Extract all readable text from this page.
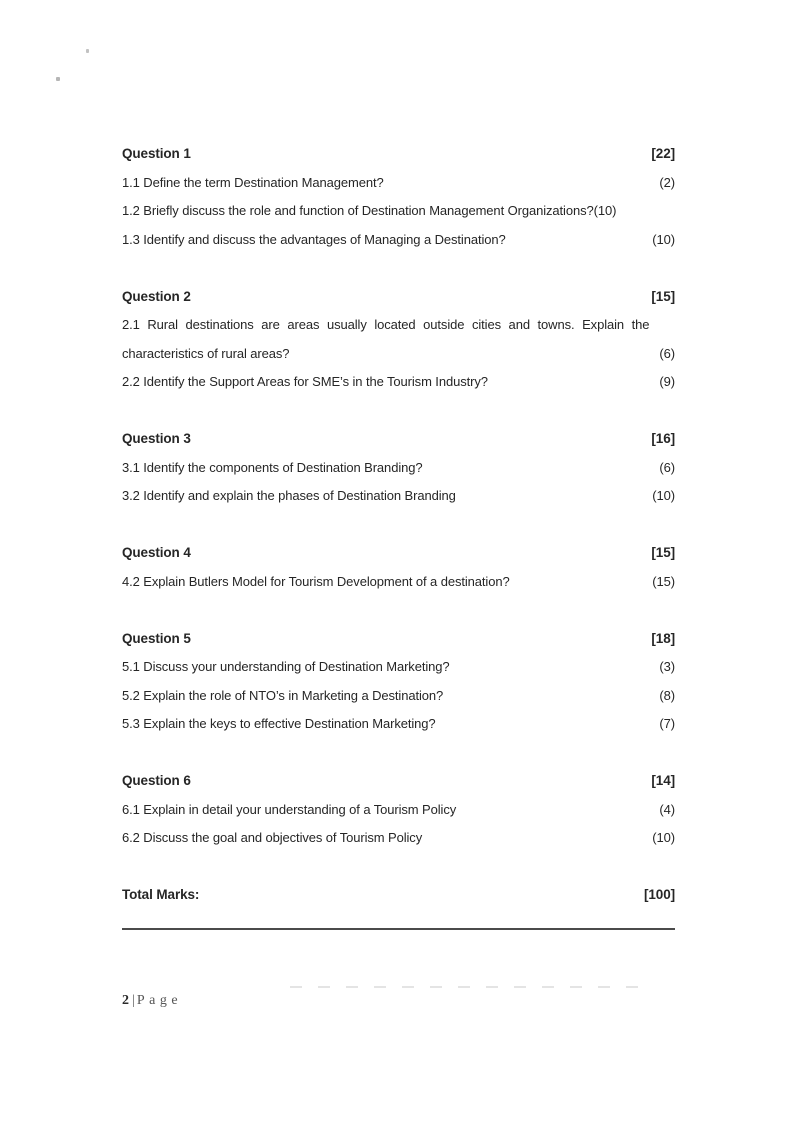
Question 1	[22]
1.1 Define the term Destination Management?	(2)
1.2 Briefly discuss the role and function of Destination Management Organizations?(10)
1.3 Identify and discuss the advantages of Managing a Destination?	(10)
Question 2	[15]
2.1 Rural destinations are areas usually located outside cities and towns. Explain the characteristics of rural areas?	(6)
2.2 Identify the Support Areas for SME’s in the Tourism Industry?	(9)
Question 3	[16]
3.1 Identify the components of Destination Branding?	(6)
3.2 Identify and explain the phases of Destination Branding	(10)
Question 4	[15]
4.2 Explain Butlers Model for Tourism Development of a destination?	(15)
Question 5	[18]
5.1 Discuss your understanding of Destination Marketing?	(3)
5.2 Explain the role of NTO’s in Marketing a Destination?	(8)
5.3 Explain the keys to effective Destination Marketing?	(7)
Question 6	[14]
6.1 Explain in detail your understanding of a Tourism Policy	(4)
6.2 Discuss the goal and objectives of Tourism Policy	(10)
Total Marks:	[100]
2 | Page
